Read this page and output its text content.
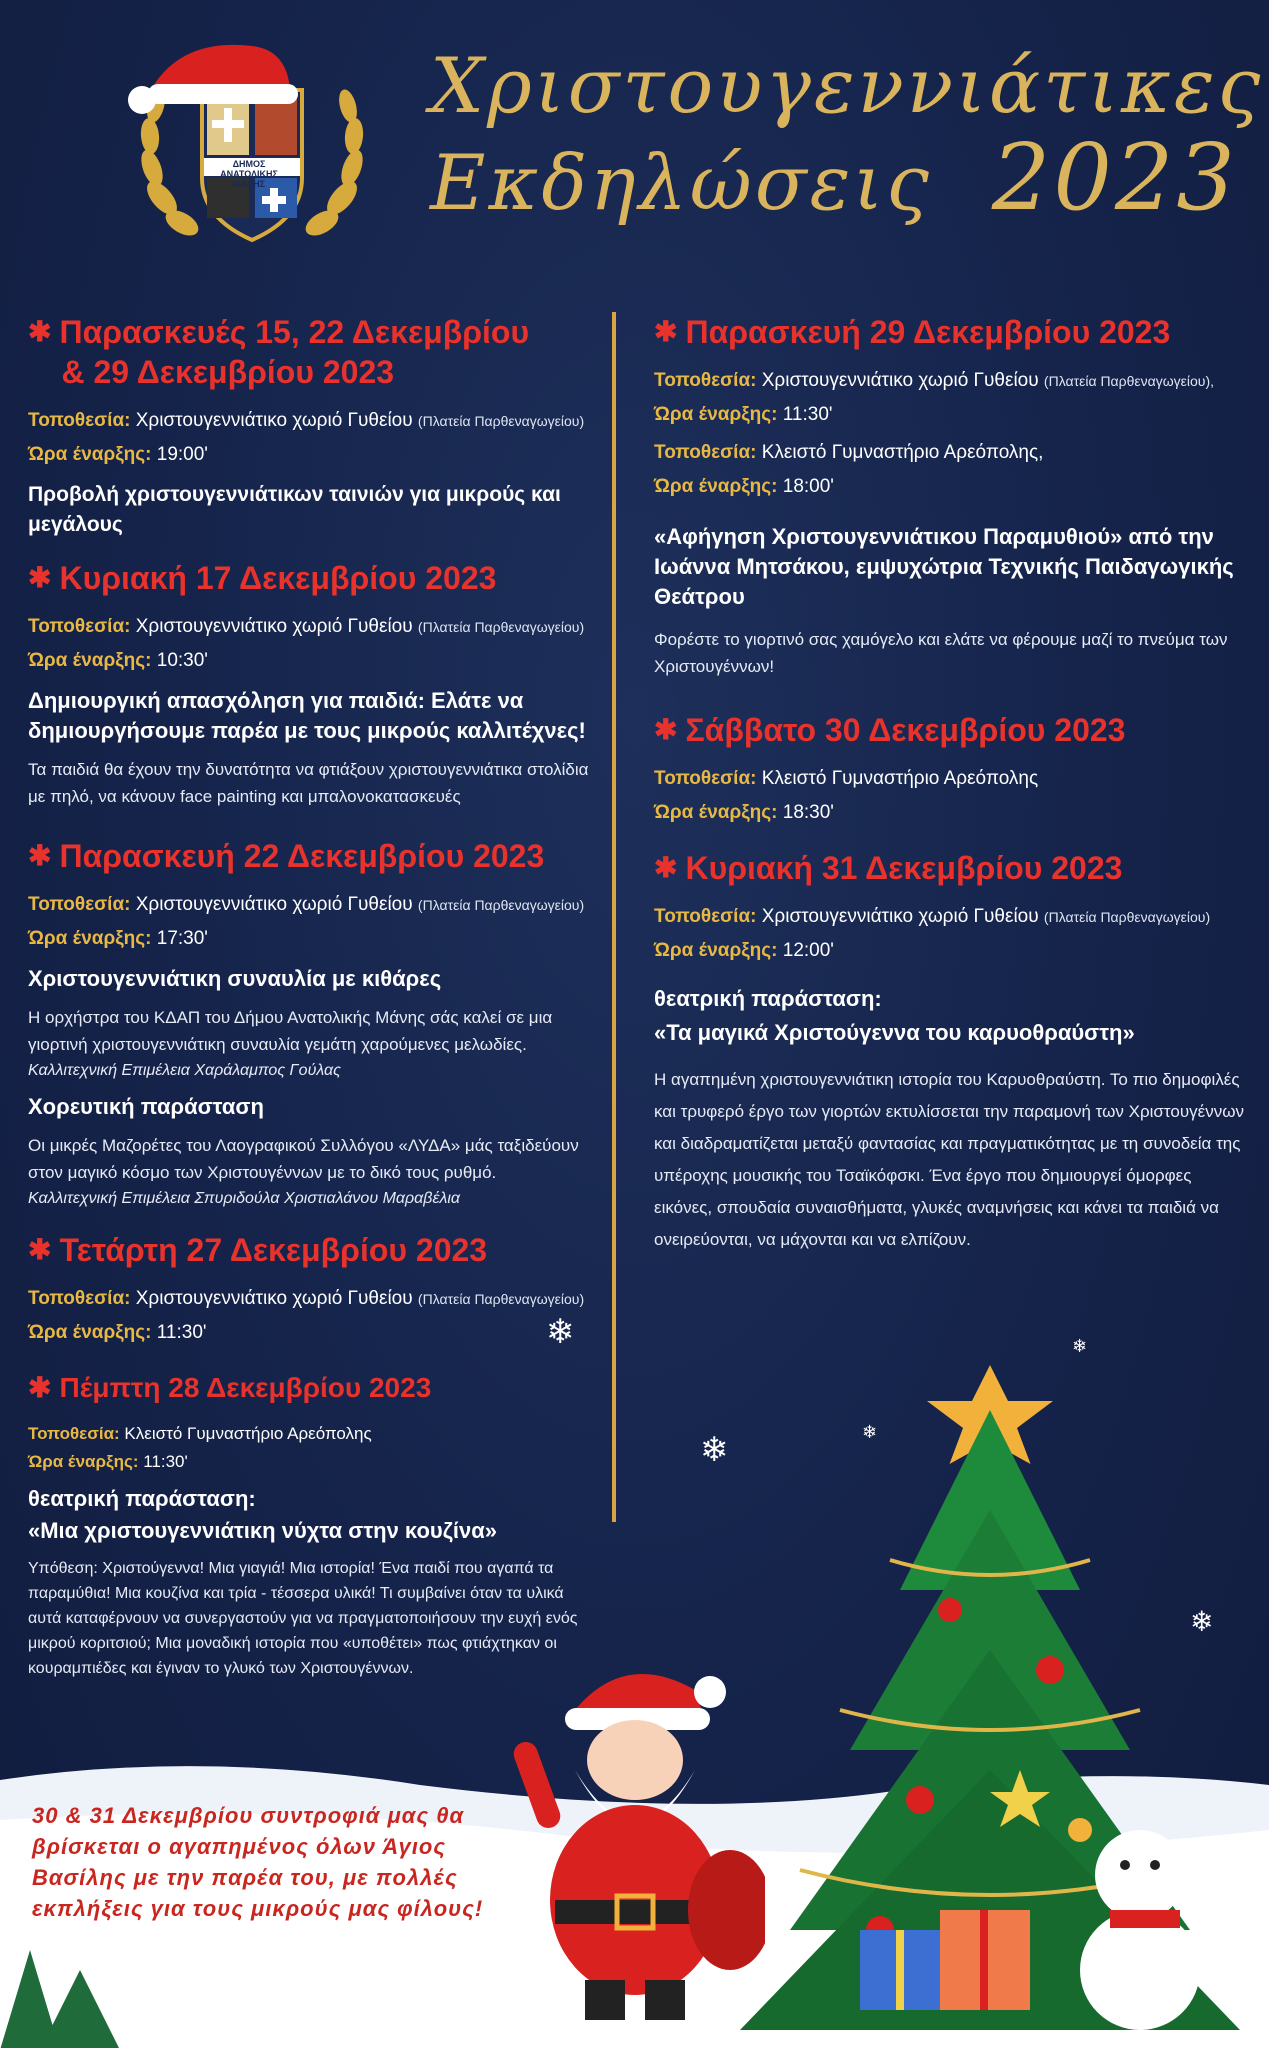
ΔΗΜΟΣ ΑΝΑΤΟΛΙΚΗΣ ΜΑΝΗΣ
Χριστουγεννιάτικες
Εκδηλώσεις 2023
✱ Παρασκευές 15, 22 Δεκεμβρίου
& 29 Δεκεμβρίου 2023
Τοποθεσία: Χριστουγεννιάτικο χωριό Γυθείου (Πλατεία Παρθεναγωγείου)
Ώρα έναρξης: 19:00'
Προβολή χριστουγεννιάτικων ταινιών για μικρούς και μεγάλους
✱ Κυριακή 17 Δεκεμβρίου 2023
Τοποθεσία: Χριστουγεννιάτικο χωριό Γυθείου (Πλατεία Παρθεναγωγείου)
Ώρα έναρξης: 10:30'
Δημιουργική απασχόληση για παιδιά: Ελάτε να δημιουργήσουμε παρέα με τους μικρούς καλλιτέχνες!
Τα παιδιά θα έχουν την δυνατότητα να φτιάξουν χριστουγεννιάτικα στολίδια με πηλό, να κάνουν face painting και μπαλονοκατασκευές
✱ Παρασκευή 22 Δεκεμβρίου 2023
Τοποθεσία: Χριστουγεννιάτικο χωριό Γυθείου (Πλατεία Παρθεναγωγείου)
Ώρα έναρξης: 17:30'
Χριστουγεννιάτικη συναυλία με κιθάρες
Η ορχήστρα του ΚΔΑΠ του Δήμου Ανατολικής Μάνης σάς καλεί σε μια γιορτινή χριστουγεννιάτικη συναυλία γεμάτη χαρούμενες μελωδίες.
Καλλιτεχνική Επιμέλεια Χαράλαμπος Γούλας
Χορευτική παράσταση
Οι μικρές Μαζορέτες του Λαογραφικού Συλλόγου «ΛΥΔΑ» μάς ταξιδεύουν στον μαγικό κόσμο των Χριστουγέννων με το δικό τους ρυθμό.
Καλλιτεχνική Επιμέλεια Σπυριδούλα Χριστιαλάνου Μαραβέλια
✱ Τετάρτη 27 Δεκεμβρίου 2023
Τοποθεσία: Χριστουγεννιάτικο χωριό Γυθείου (Πλατεία Παρθεναγωγείου)
Ώρα έναρξης: 11:30'
✱ Πέμπτη 28 Δεκεμβρίου 2023
Τοποθεσία: Κλειστό Γυμναστήριο Αρεόπολης
Ώρα έναρξης: 11:30'
θεατρική παράσταση:
«Μια χριστουγεννιάτικη νύχτα στην κουζίνα»
Υπόθεση: Χριστούγεννα! Μια γιαγιά! Μια ιστορία! Ένα παιδί που αγαπά τα παραμύθια! Μια κουζίνα και τρία - τέσσερα υλικά! Τι συμβαίνει όταν τα υλικά αυτά καταφέρνουν να συνεργαστούν για να πραγματοποιήσουν την ευχή ενός μικρού κοριτσιού; Μια μοναδική ιστορία που «υποθέτει» πως φτιάχτηκαν οι κουραμπιέδες και έγιναν το γλυκό των Χριστουγέννων.
✱ Παρασκευή 29 Δεκεμβρίου 2023
Τοποθεσία: Χριστουγεννιάτικο χωριό Γυθείου (Πλατεία Παρθεναγωγείου),
Ώρα έναρξης: 11:30'
Τοποθεσία: Κλειστό Γυμναστήριο Αρεόπολης,
Ώρα έναρξης: 18:00'
«Αφήγηση Χριστουγεννιάτικου Παραμυθιού» από την Ιωάννα Μητσάκου, εμψυχώτρια Τεχνικής Παιδαγωγικής Θεάτρου
Φορέστε το γιορτινό σας χαμόγελο και ελάτε να φέρουμε μαζί το πνεύμα των Χριστουγέννων!
✱ Σάββατο 30 Δεκεμβρίου 2023
Τοποθεσία: Κλειστό Γυμναστήριο Αρεόπολης
Ώρα έναρξης: 18:30'
✱ Κυριακή 31 Δεκεμβρίου 2023
Τοποθεσία: Χριστουγεννιάτικο χωριό Γυθείου (Πλατεία Παρθεναγωγείου)
Ώρα έναρξης: 12:00'
θεατρική παράσταση:
«Τα μαγικά Χριστούγεννα του καρυοθραύστη»
Η αγαπημένη χριστουγεννιάτικη ιστορία του Καρυοθραύστη. Το πιο δημοφιλές και τρυφερό έργο των γιορτών εκτυλίσσεται την παραμονή των Χριστουγέννων και διαδραματίζεται μεταξύ φαντασίας και πραγματικότητας με τη συνοδεία της υπέροχης μουσικής του Τσαϊκόφσκι. Ένα έργο που δημιουργεί όμορφες εικόνες, σπουδαία συναισθήματα, γλυκές αναμνήσεις και κάνει τα παιδιά να ονειρεύονται, να μάχονται και να ελπίζουν.
❄
❄
❄
❄
❄
30 & 31 Δεκεμβρίου συντροφιά μας θα βρίσκεται ο αγαπημένος όλων Άγιος Βασίλης με την παρέα του, με πολλές εκπλήξεις για τους μικρούς μας φίλους!
